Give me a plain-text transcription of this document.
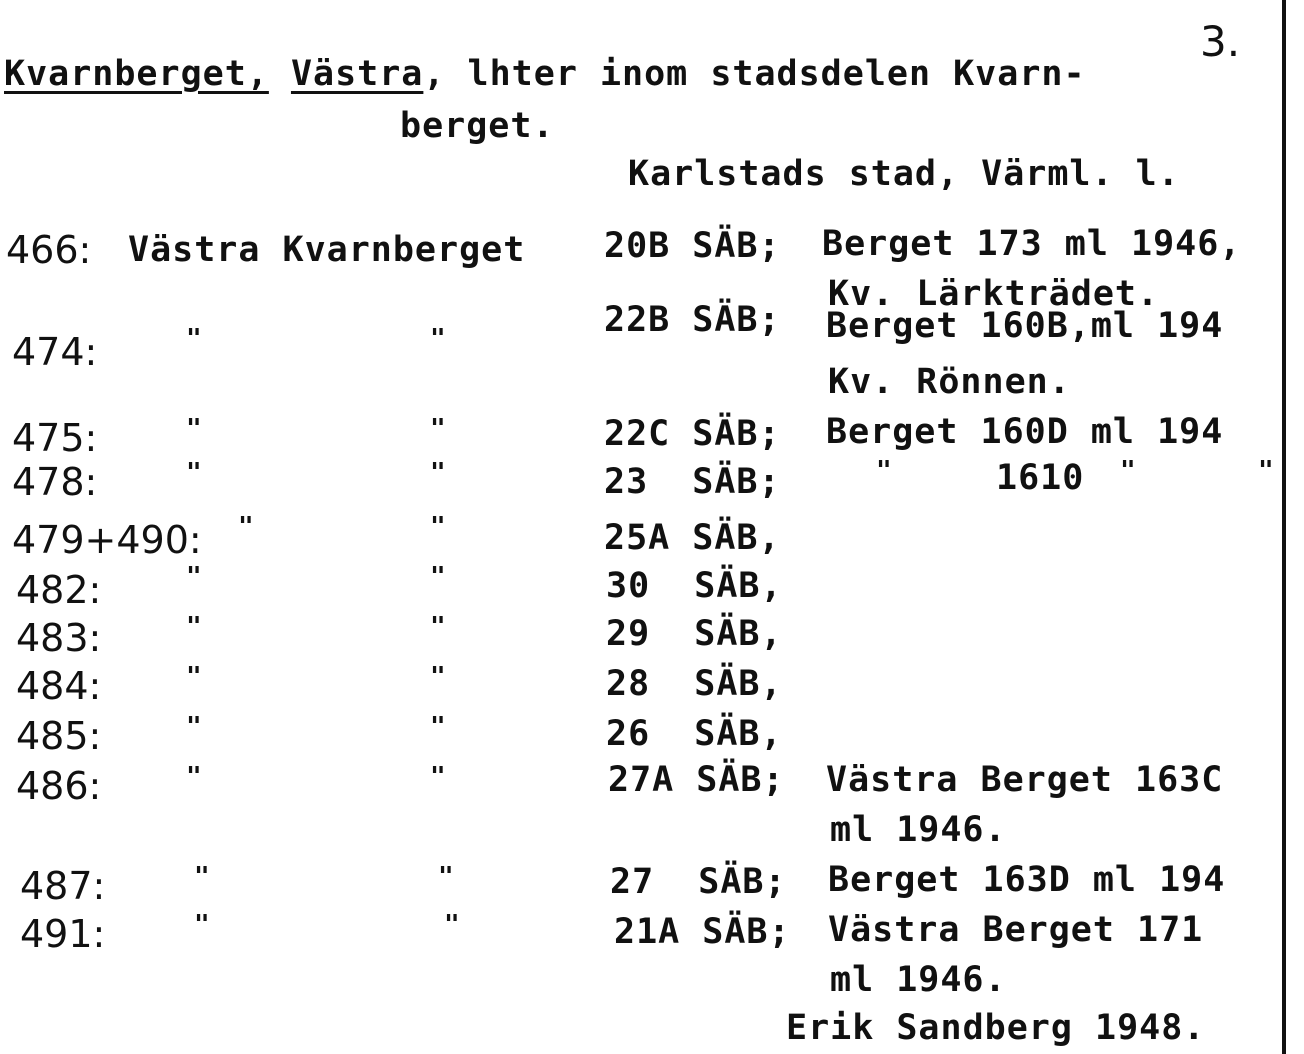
3.
Kvarnberget, Västra, lhter inom stadsdelen Kvarn-
berget.
Karlstads stad, Värml. l.
466: Västra Kvarnberget 20B SÄB; Berget 173 ml 1946,
Kv. Lärkträdet.
474:	"	"	22B SÄB; Berget 160B,ml 194
Kv. Rönnen.
475:	"	"	22C SÄB; Berget 160D ml 194
478:	"	"	23  SÄB;	"	1610 "	"
479+490: "	"	25A SÄB,
482:	"	"	30  SÄB,
483:	"	"	29  SÄB,
484:	"	"	28  SÄB,
485:	"	"	26  SÄB,
486:	"	"	27A SÄB; Västra Berget 163C
ml 1946.
487:	"	"	27  SÄB; Berget 163D ml 194
491:	"	"	21A SÄB; Västra Berget 171
ml 1946.
Erik Sandberg 1948.
